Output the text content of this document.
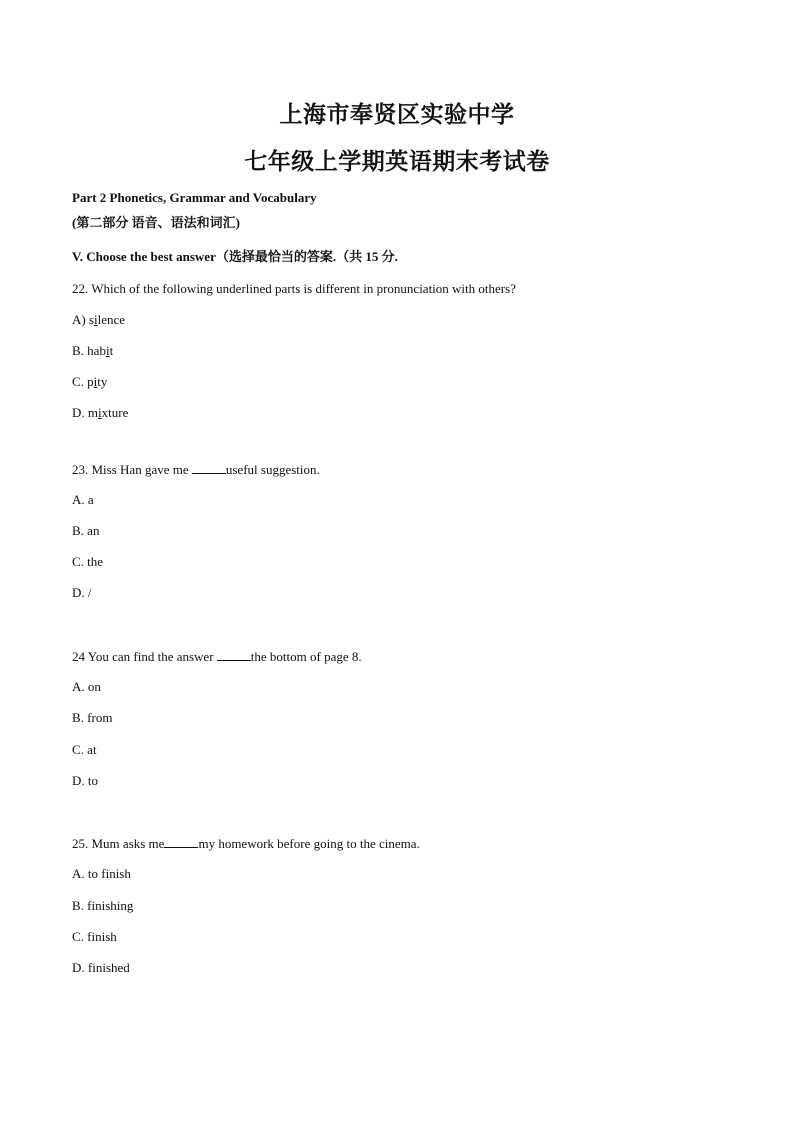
上海市奉贤区实验中学
七年级上学期英语期末考试卷
Part 2 Phonetics, Grammar and Vocabulary
(第二部分 语音、语法和词汇)
V. Choose the best answer（选择最恰当的答案.（共 15 分.
22. Which of the following underlined parts is different in pronunciation with others?
A) silence
B. habit
C. pity
D. mixture
23. Miss Han gave me	useful suggestion.
A. a
B. an
C. the
D. /
24 You can find the answer	the bottom of page 8.
A. on
B. from
C. at
D. to
25. Mum asks me	my homework before going to the cinema.
A. to finish
B. finishing
C. finish
D. finished
